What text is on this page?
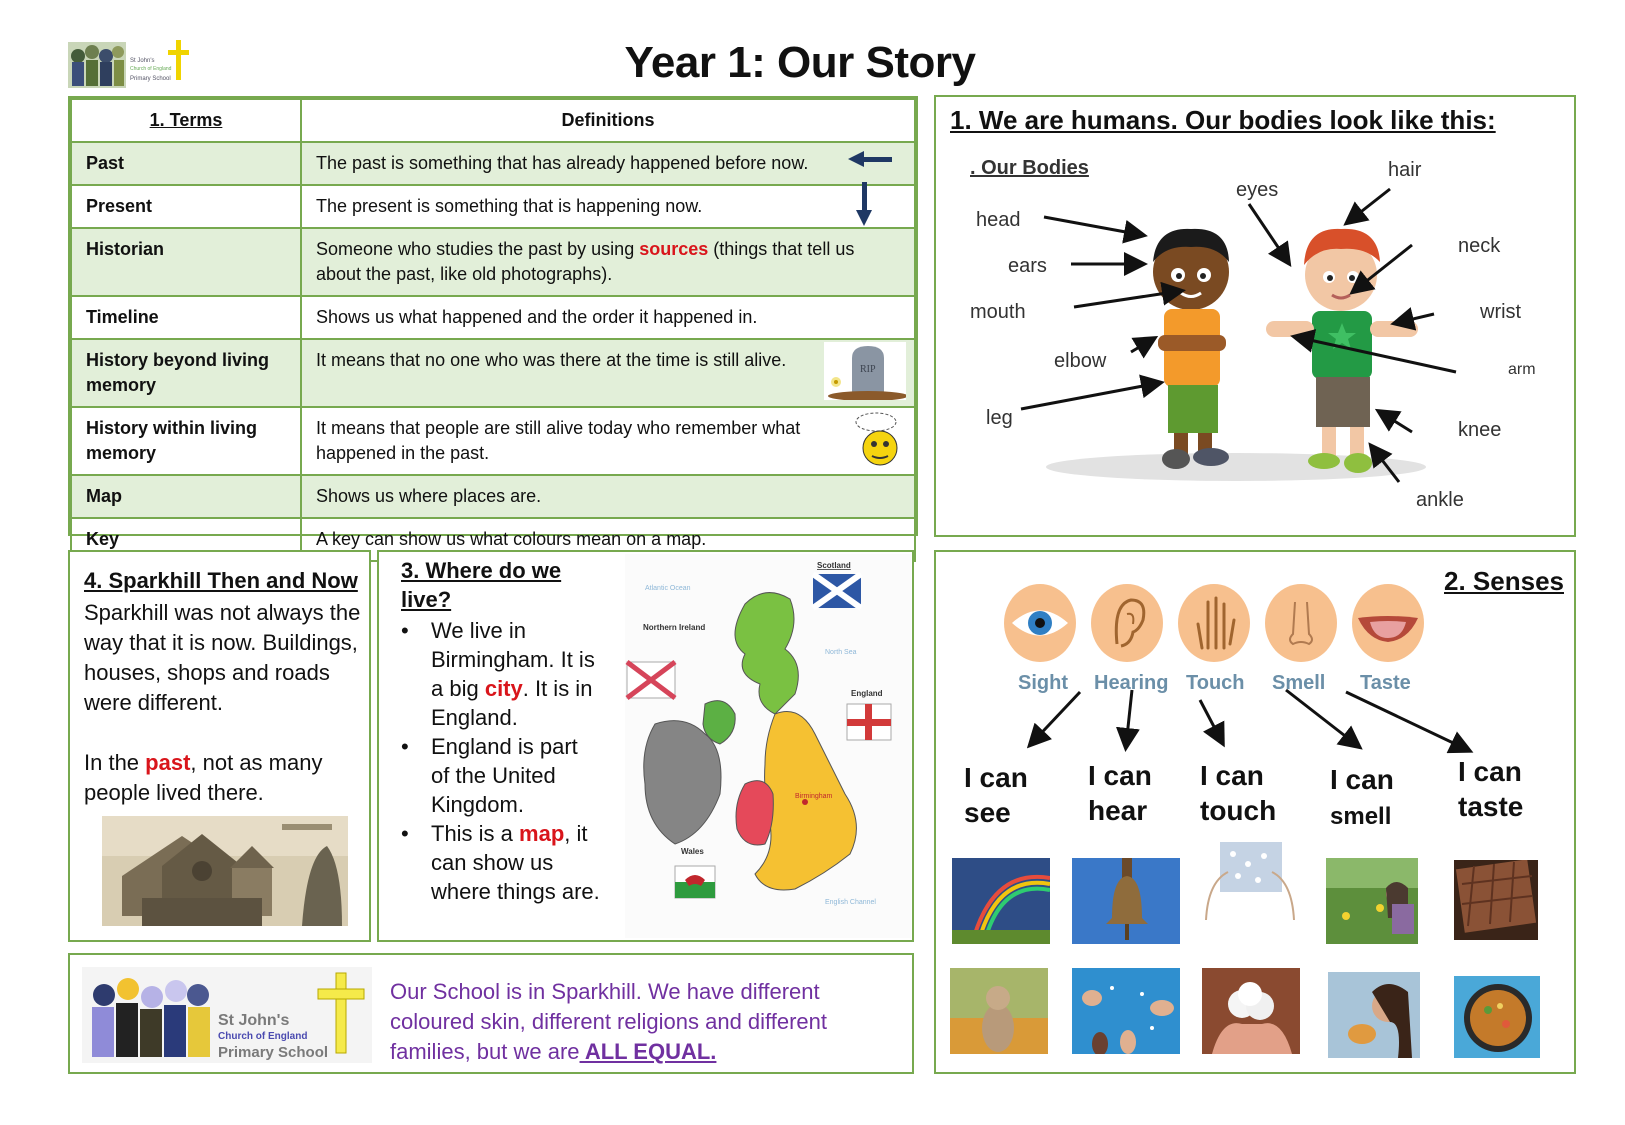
St John's
Church of England
Primary School	Year 1: Our Story
1. Terms	Definitions
Past	The past is something that has already happened before now.

Present	The present is something that is happening now.

Historian	Someone who studies the past by using sources (things that tell us about the past, like old photographs).
Timeline	Shows us what happened and the order it happened in.
History beyond living memory	It means that no one who was there at the time is still alive. RIP

History within living memory	It means that people are still alive today who remember what happened in the past.

Map	Shows us where places are.
Key	A key can show us what colours mean on a map.
1. We are humans. Our bodies look like this:
. Our Bodies
head
ears
mouth
elbow
leg
eyes
hair
neck
wrist
arm
knee
ankle
4. Sparkhill Then and Now
Sparkhill was not always the way that it is now. Buildings, houses, shops and roads were different.

In the past, not as many people lived there.
3. Where do we live?
• We live in Birmingham. It is a big city. It is in England.
• England is part of the United Kingdom.
• This is a map, it can show us where things are.
Birmingham
Scotland
Northern Ireland
England
Wales
Atlantic Ocean
North Sea
English Channel
2. Senses
Sight Hearing Touch Smell Taste
I can
see
I can
hear
I can
touch
I can
smell
I can
taste
St John's
Church of England
Primary School
Our School is in Sparkhill. We have different coloured skin, different religions and different families, but we are ALL EQUAL.
